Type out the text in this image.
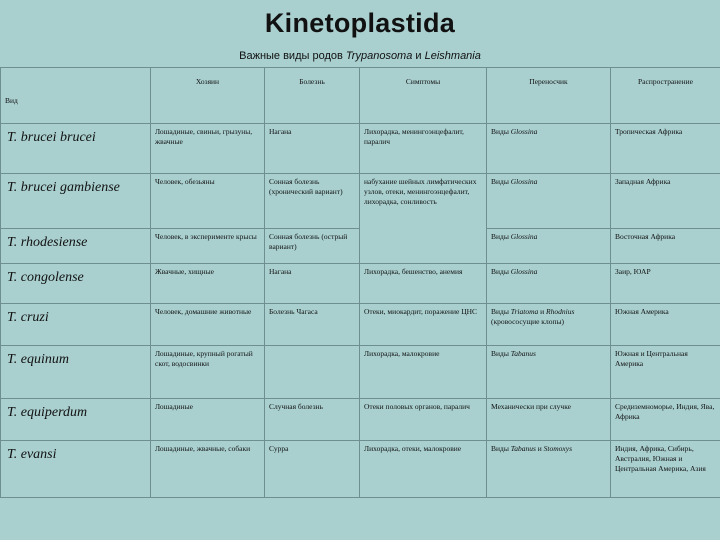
Kinetoplastida
Важные виды родов Trypanosoma и Leishmania
Вид	Хозяин	Болезнь	Симптомы	Переносчик	Распространение
T. brucei brucei	Лошадиные, свиньи, грызуны, жвачные	Нагана	Лихорадка, менингоэнцефалит, паралич	Виды Glossina	Тропическая Африка
T. brucei gambiense	Человек, обезьяны	Сонная болезнь (хронический вариант)	набухание шейных лимфатических узлов, отеки, менингоэнцефалит, лихорадка, сонливость	Виды Glossina	Западная Африка
T. rhodesiense	Человек, в эксперименте крысы	Сонная болезнь (острый вариант)		Виды Glossina	Восточная Африка
T. congolense	Жвачные, хищные	Нагана	Лихорадка, бешенство, анемия	Виды Glossina	Заир, ЮАР
T. cruzi	Человек, домашние животные	Болезнь Чагаса	Отеки, миокардит, поражение ЦНС	Виды Triatoma и Rhodnius (кровососущие клопы)	Южная Америка
T. equinum	Лошадиные, крупный рогатый скот, водосвинки		Лихорадка, малокровие	Виды Tabanus	Южная и Центральная Америка
T. equiperdum	Лошадиные	Случная болезнь	Отеки половых органов, паралич	Механически при случке	Средиземноморье, Индия, Ява, Африка
T. evansi	Лошадиные, жвачные, собаки	Сурра	Лихорадка, отеки, малокровие	Виды Tabanus и Stomoxys	Индия, Африка, Сибирь, Австралия, Южная и Центральная Америка, Азия
